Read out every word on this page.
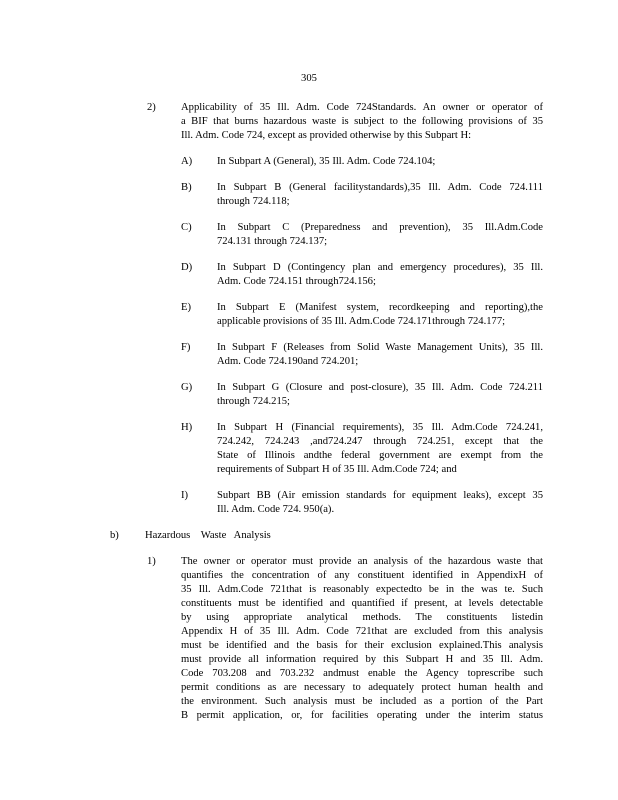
305
2) Applicability of 35 Ill. Adm. Code 724Standards. An owner or operator of
a BIF that burns hazardous waste is subject to the following provisions of 35
Ill. Adm. Code 724, except as provided otherwise by this Subpart H:
A) In Subpart A (General), 35 Ill. Adm. Code 724.104;
B) In Subpart B (General facilitystandards),35 Ill. Adm. Code 724.111
through 724.118;
C) In Subpart C (Preparedness and prevention), 35 Ill.Adm.Code
724.131 through 724.137;
D) In Subpart D (Contingency plan and emergency procedures), 35 Ill.
Adm. Code 724.151 through724.156;
E) In Subpart E (Manifest system, recordkeeping and reporting),the
applicable provisions of 35 Ill. Adm.Code 724.171through 724.177;
F)	In Subpart F (Releases from Solid Waste Management Units), 35 Ill.
Adm. Code 724.190and 724.201;
G) In Subpart G (Closure and post-closure), 35 Ill. Adm. Code 724.211
through 724.215;
H) In Subpart H (Financial requirements), 35 Ill. Adm.Code 724.241,
724.242, 724.243 ,and724.247 through 724.251, except that the
State of Illinois andthe federal government are exempt from the
requirements of Subpart H of 35 Ill. Adm.Code 724; and
I)	Subpart BB (Air emission standards for equipment leaks), except 35
Ill. Adm. Code 724. 950(a).
b) Hazardous    Waste   Analysis
1) The owner or operator must provide an analysis of the hazardous waste that
quantifies the concentration of any constituent identified in AppendixH of
35 Ill. Adm.Code 721that is reasonably expectedto be in the was te. Such
constituents must be identified and quantified if present, at levels detectable
by using appropriate analytical methods. The constituents listedin
Appendix H of 35 Ill. Adm. Code 721that are excluded from this analysis
must be identified and the basis for their exclusion explained.This analysis
must provide all information required by this Subpart H and 35 Ill. Adm.
Code 703.208 and 703.232 andmust enable the Agency toprescribe such
permit conditions as are necessary to adequately protect human health and
the environment. Such analysis must be included as a portion of the Part
B permit application, or, for facilities operating under the interim status
